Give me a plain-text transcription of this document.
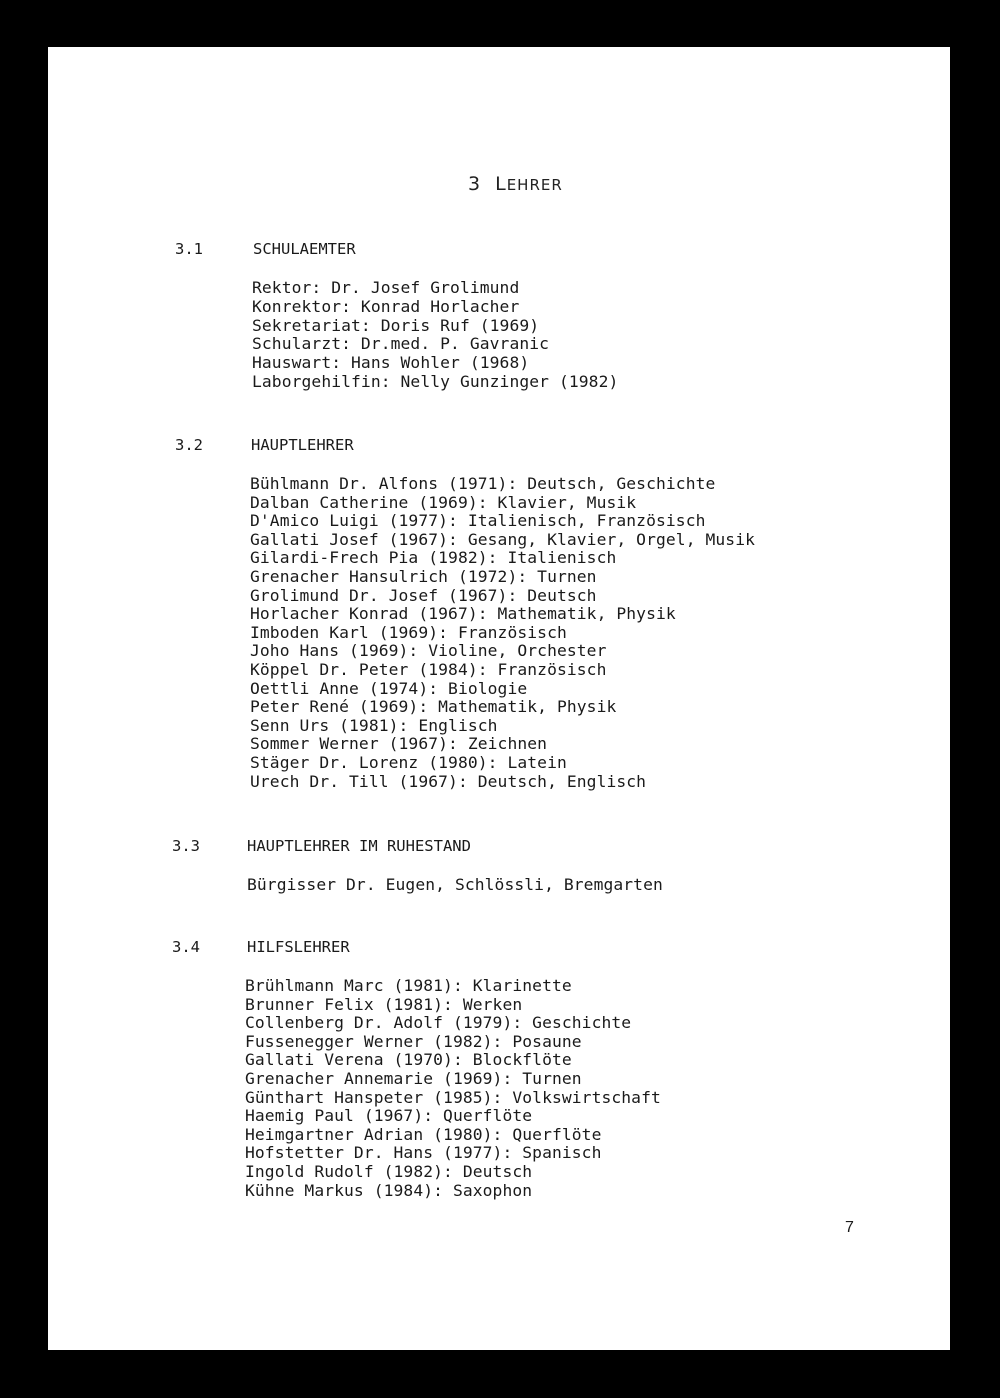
3 LEHRER
3.1	SCHULAEMTER
Rektor: Dr. Josef Grolimund
Konrektor: Konrad Horlacher
Sekretariat: Doris Ruf (1969)
Schularzt: Dr.med. P. Gavranic
Hauswart: Hans Wohler (1968)
Laborgehilfin: Nelly Gunzinger (1982)
3.2	HAUPTLEHRER
Bühlmann Dr. Alfons (1971): Deutsch, Geschichte
Dalban Catherine (1969): Klavier, Musik
D'Amico Luigi (1977): Italienisch, Französisch
Gallati Josef (1967): Gesang, Klavier, Orgel, Musik
Gilardi-Frech Pia (1982): Italienisch
Grenacher Hansulrich (1972): Turnen
Grolimund Dr. Josef (1967): Deutsch
Horlacher Konrad (1967): Mathematik, Physik
Imboden Karl (1969): Französisch
Joho Hans (1969): Violine, Orchester
Köppel Dr. Peter (1984): Französisch
Oettli Anne (1974): Biologie
Peter René (1969): Mathematik, Physik
Senn Urs (1981): Englisch
Sommer Werner (1967): Zeichnen
Stäger Dr. Lorenz (1980): Latein
Urech Dr. Till (1967): Deutsch, Englisch
3.3	HAUPTLEHRER IM RUHESTAND
Bürgisser Dr. Eugen, Schlössli, Bremgarten
3.4	HILFSLEHRER
Brühlmann Marc (1981): Klarinette
Brunner Felix (1981): Werken
Collenberg Dr. Adolf (1979): Geschichte
Fussenegger Werner (1982): Posaune
Gallati Verena (1970): Blockflöte
Grenacher Annemarie (1969): Turnen
Günthart Hanspeter (1985): Volkswirtschaft
Haemig Paul (1967): Querflöte
Heimgartner Adrian (1980): Querflöte
Hofstetter Dr. Hans (1977): Spanisch
Ingold Rudolf (1982): Deutsch
Kühne Markus (1984): Saxophon
7
